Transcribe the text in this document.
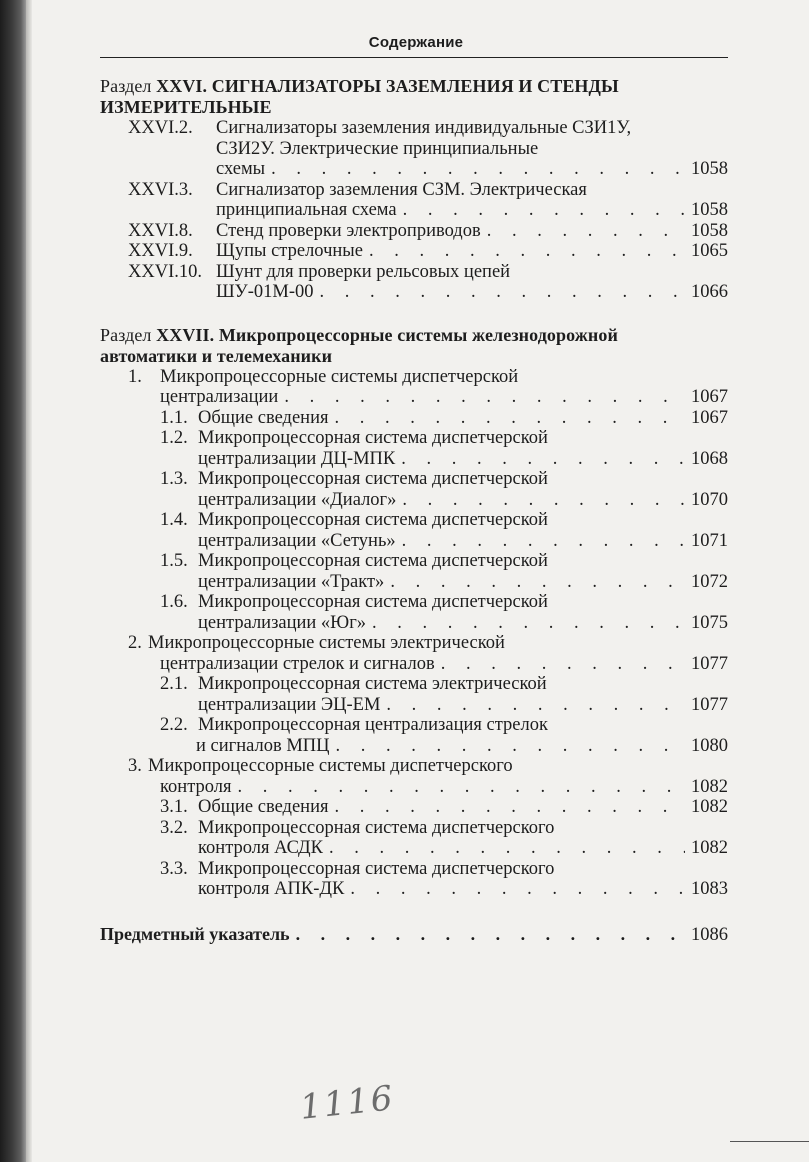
Содержание
Раздел XXVI. СИГНАЛИЗАТОРЫ ЗАЗЕМЛЕНИЯ И СТЕНДЫ
ИЗМЕРИТЕЛЬНЫЕ
XXVI.2. Сигнализаторы заземления индивидуальные СЗИ1У,
СЗИ2У. Электрические принципиальные
схемы . . .	1058
XXVI.3. Сигнализатор заземления СЗМ. Электрическая
принципиальная схема . . .	1058
XXVI.8. Стенд проверки электроприводов . . .	1058
XXVI.9. Щупы стрелочные . . .	1065
XXVI.10. Шунт для проверки рельсовых цепей
ШУ-01М-00 . . .	1066
Раздел XXVII. Микропроцессорные системы железнодорожной
автоматики и телемеханики
1. Микропроцессорные системы диспетчерской
централизации . . .	1067
1.1. Общие сведения . . .	1067
1.2. Микропроцессорная система диспетчерской
централизации ДЦ-МПК . . .	1068
1.3. Микропроцессорная система диспетчерской
централизации «Диалог» . . .	1070
1.4. Микропроцессорная система диспетчерской
централизации «Сетунь» . . .	1071
1.5. Микропроцессорная система диспетчерской
централизации «Тракт» . . .	1072
1.6. Микропроцессорная система диспетчерской
централизации «Юг» . . .	1075
2. Микропроцессорные системы электрической
централизации стрелок и сигналов . . .	1077
2.1. Микропроцессорная система электрической
централизации ЭЦ-ЕМ . . .	1077
2.2. Микропроцессорная централизация стрелок
и сигналов МПЦ . . .	1080
3. Микропроцессорные системы диспетчерского
контроля . . .	1082
3.1. Общие сведения . . .	1082
3.2. Микропроцессорная система диспетчерского
контроля АСДК . . .	1082
3.3. Микропроцессорная система диспетчерского
контроля АПК-ДК . . .	1083
Предметный указатель . . .	1086
1116
